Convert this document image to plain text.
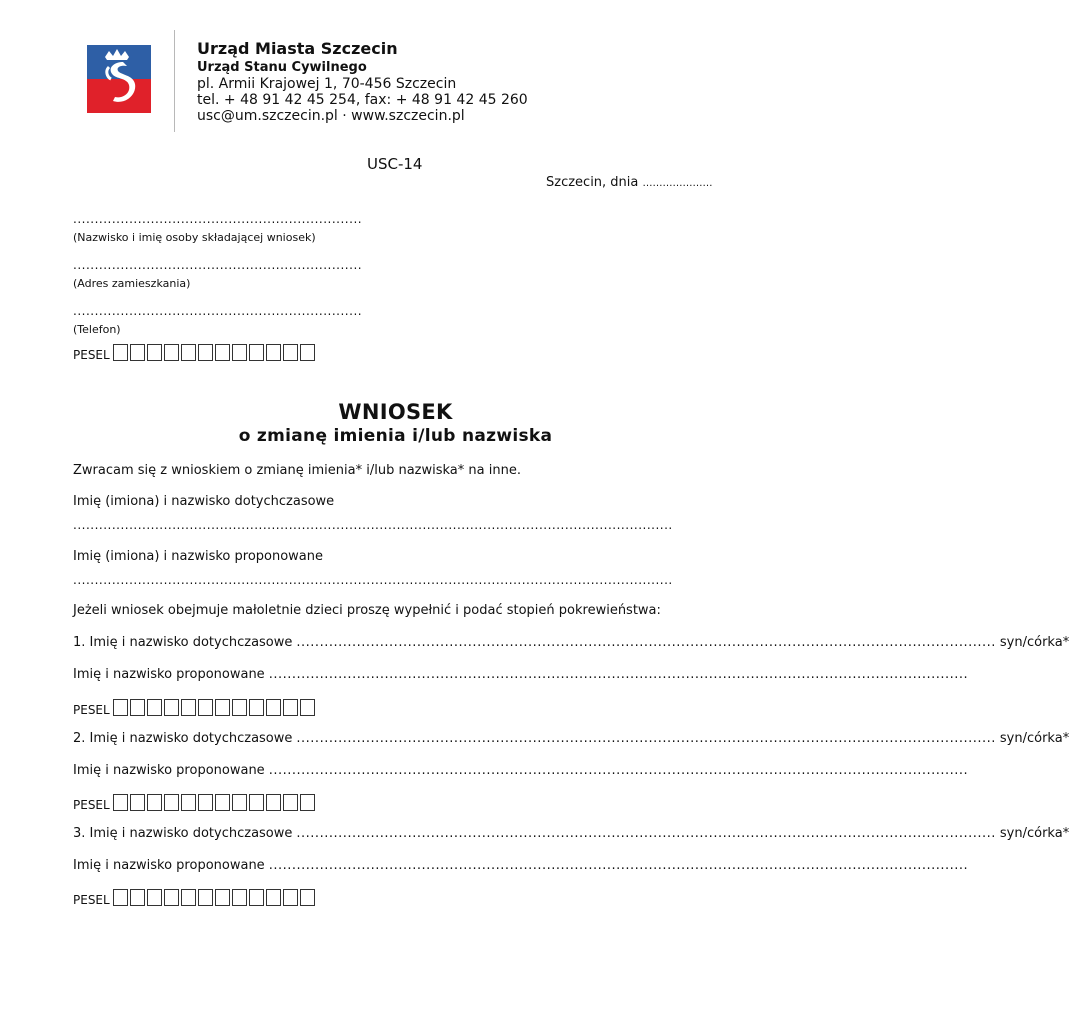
Urząd Miasta Szczecin
Urząd Stanu Cywilnego
pl. Armii Krajowej 1, 70-456 Szczecin
tel. + 48 91 42 45 254, fax: + 48 91 42 45 260
usc@um.szczecin.pl · www.szczecin.pl
USC-14
Szczecin, dnia …………………
...................................................................
(Nazwisko i imię osoby składającej wniosek)
...................................................................
(Adres zamieszkania)
...................................................................
(Telefon)
PESEL
WNIOSEK
o zmianę imienia i/lub nazwiska
Zwracam się z wnioskiem o zmianę imienia* i/lub nazwiska* na inne.
Imię (imiona) i nazwisko dotychczasowe
...........................................................................................................................................
Imię (imiona) i nazwisko proponowane
...........................................................................................................................................
Jeżeli wniosek obejmuje małoletnie dzieci proszę wypełnić i podać stopień pokrewieństwa:
1. Imię i nazwisko dotychczasowe ....................................................................................................................................................... syn/córka*
Imię i nazwisko proponowane .......................................................................................................................................................
PESEL
2. Imię i nazwisko dotychczasowe ....................................................................................................................................................... syn/córka*
Imię i nazwisko proponowane .......................................................................................................................................................
PESEL
3. Imię i nazwisko dotychczasowe ....................................................................................................................................................... syn/córka*
Imię i nazwisko proponowane .......................................................................................................................................................
PESEL
